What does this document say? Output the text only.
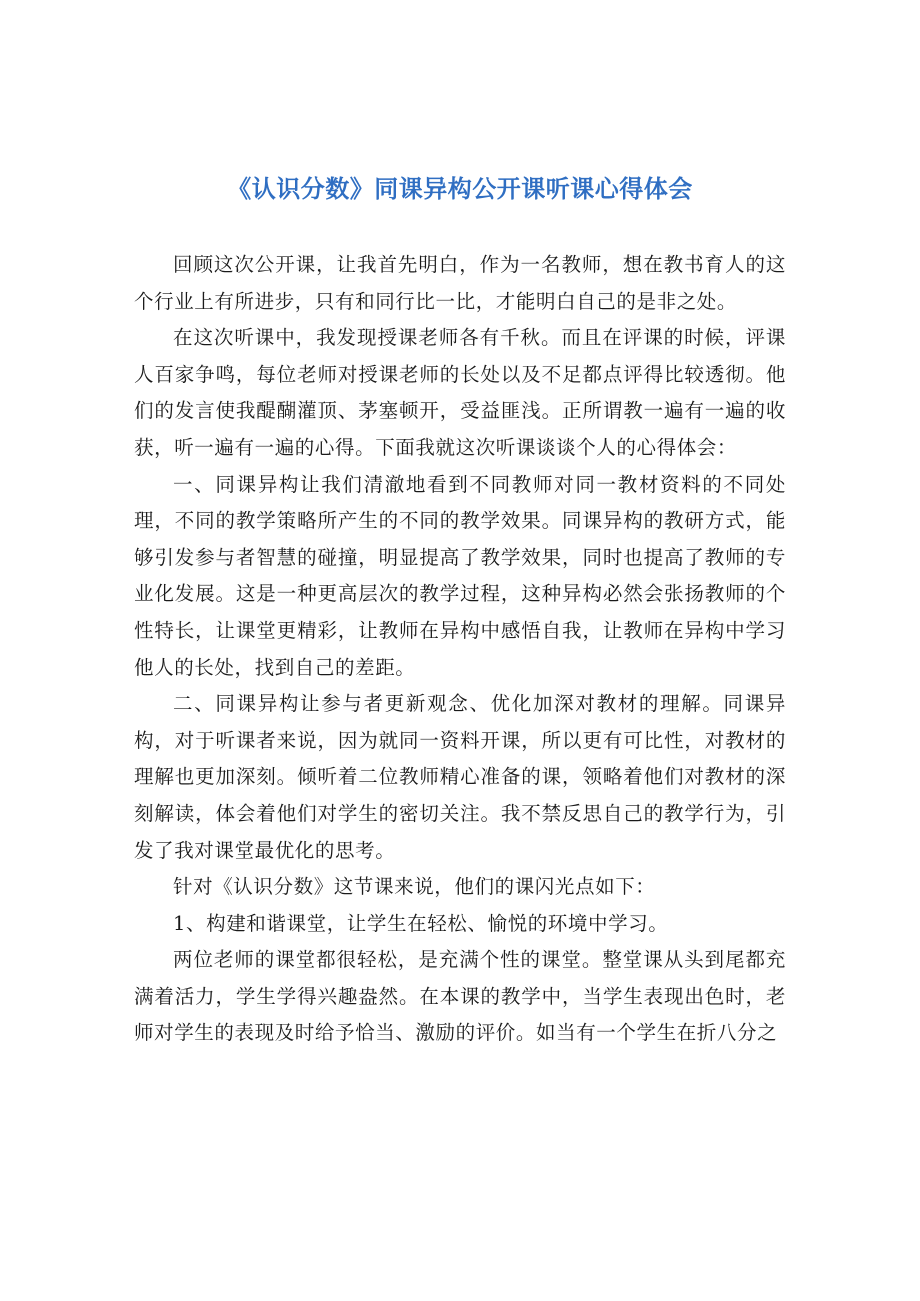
《认识分数》同课异构公开课听课心得体会

回顾这次公开课，让我首先明白，作为一名教师，想在教书育人的这个行业上有所进步，只有和同行比一比，才能明白自己的是非之处。

在这次听课中，我发现授课老师各有千秋。而且在评课的时候，评课人百家争鸣，每位老师对授课老师的长处以及不足都点评得比较透彻。他们的发言使我醍醐灌顶、茅塞顿开，受益匪浅。正所谓教一遍有一遍的收获，听一遍有一遍的心得。下面我就这次听课谈谈个人的心得体会：

一、同课异构让我们清澈地看到不同教师对同一教材资料的不同处理，不同的教学策略所产生的不同的教学效果。同课异构的教研方式，能够引发参与者智慧的碰撞，明显提高了教学效果，同时也提高了教师的专业化发展。这是一种更高层次的教学过程，这种异构必然会张扬教师的个性特长，让课堂更精彩，让教师在异构中感悟自我，让教师在异构中学习他人的长处，找到自己的差距。

二、同课异构让参与者更新观念、优化加深对教材的理解。同课异构，对于听课者来说，因为就同一资料开课，所以更有可比性，对教材的理解也更加深刻。倾听着二位教师精心准备的课，领略着他们对教材的深刻解读，体会着他们对学生的密切关注。我不禁反思自己的教学行为，引发了我对课堂最优化的思考。

针对《认识分数》这节课来说，他们的课闪光点如下：

1、构建和谐课堂，让学生在轻松、愉悦的环境中学习。

两位老师的课堂都很轻松，是充满个性的课堂。整堂课从头到尾都充满着活力，学生学得兴趣盎然。在本课的教学中，当学生表现出色时，老师对学生的表现及时给予恰当、激励的评价。如当有一个学生在折八分之
